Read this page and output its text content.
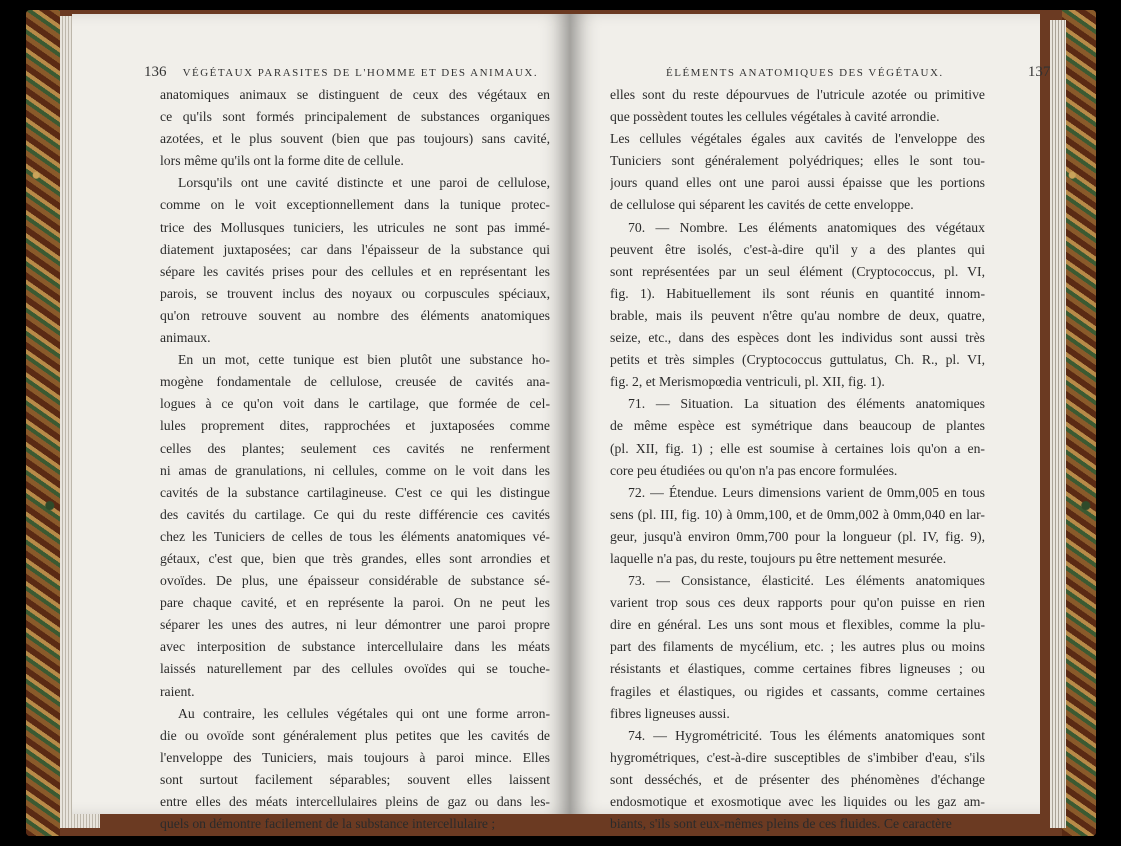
136 VÉGÉTAUX PARASITES DE L'HOMME ET DES ANIMAUX.
anatomiques animaux se distinguent de ceux des végétaux en
ce qu'ils sont formés principalement de substances organiques
azotées, et le plus souvent (bien que pas toujours) sans cavité,
lors même qu'ils ont la forme dite de cellule.
Lorsqu'ils ont une cavité distincte et une paroi de cellulose,
comme on le voit exceptionnellement dans la tunique protec-
trice des Mollusques tuniciers, les utricules ne sont pas immé-
diatement juxtaposées; car dans l'épaisseur de la substance qui
sépare les cavités prises pour des cellules et en représentant les
parois, se trouvent inclus des noyaux ou corpuscules spéciaux,
qu'on retrouve souvent au nombre des éléments anatomiques
animaux.
En un mot, cette tunique est bien plutôt une substance ho-
mogène fondamentale de cellulose, creusée de cavités ana-
logues à ce qu'on voit dans le cartilage, que formée de cel-
lules proprement dites, rapprochées et juxtaposées comme
celles des plantes; seulement ces cavités ne renferment
ni amas de granulations, ni cellules, comme on le voit dans les
cavités de la substance cartilagineuse. C'est ce qui les distingue
des cavités du cartilage. Ce qui du reste différencie ces cavités
chez les Tuniciers de celles de tous les éléments anatomiques vé-
gétaux, c'est que, bien que très grandes, elles sont arrondies et
ovoïdes. De plus, une épaisseur considérable de substance sé-
pare chaque cavité, et en représente la paroi. On ne peut les
séparer les unes des autres, ni leur démontrer une paroi propre
avec interposition de substance intercellulaire dans les méats
laissés naturellement par des cellules ovoïdes qui se touche-
raient.
Au contraire, les cellules végétales qui ont une forme arron-
die ou ovoïde sont généralement plus petites que les cavités de
l'enveloppe des Tuniciers, mais toujours à paroi mince. Elles
sont surtout facilement séparables; souvent elles laissent
entre elles des méats intercellulaires pleins de gaz ou dans les-
quels on démontre facilement de la substance intercellulaire ;
ÉLÉMENTS ANATOMIQUES DES VÉGÉTAUX.	137
elles sont du reste dépourvues de l'utricule azotée ou primitive
que possèdent toutes les cellules végétales à cavité arrondie.
Les cellules végétales égales aux cavités de l'enveloppe des
Tuniciers sont généralement polyédriques; elles le sont tou-
jours quand elles ont une paroi aussi épaisse que les portions
de cellulose qui séparent les cavités de cette enveloppe.
70. — Nombre. Les éléments anatomiques des végétaux
peuvent être isolés, c'est-à-dire qu'il y a des plantes qui
sont représentées par un seul élément (Cryptococcus, pl. VI,
fig. 1). Habituellement ils sont réunis en quantité innom-
brable, mais ils peuvent n'être qu'au nombre de deux, quatre,
seize, etc., dans des espèces dont les individus sont aussi très
petits et très simples (Cryptococcus guttulatus, Ch. R., pl. VI,
fig. 2, et Merismopœdia ventriculi, pl. XII, fig. 1).
71. — Situation. La situation des éléments anatomiques
de même espèce est symétrique dans beaucoup de plantes
(pl. XII, fig. 1) ; elle est soumise à certaines lois qu'on a en-
core peu étudiées ou qu'on n'a pas encore formulées.
72. — Étendue. Leurs dimensions varient de 0mm,005 en tous
sens (pl. III, fig. 10) à 0mm,100, et de 0mm,002 à 0mm,040 en lar-
geur, jusqu'à environ 0mm,700 pour la longueur (pl. IV, fig. 9),
laquelle n'a pas, du reste, toujours pu être nettement mesurée.
73. — Consistance, élasticité. Les éléments anatomiques
varient trop sous ces deux rapports pour qu'on puisse en rien
dire en général. Les uns sont mous et flexibles, comme la plu-
part des filaments de mycélium, etc. ; les autres plus ou moins
résistants et élastiques, comme certaines fibres ligneuses ; ou
fragiles et élastiques, ou rigides et cassants, comme certaines
fibres ligneuses aussi.
74. — Hygrométricité. Tous les éléments anatomiques sont
hygrométriques, c'est-à-dire susceptibles de s'imbiber d'eau, s'ils
sont desséchés, et de présenter des phénomènes d'échange
endosmotique et exosmotique avec les liquides ou les gaz am-
biants, s'ils sont eux-mêmes pleins de ces fluides. Ce caractère
